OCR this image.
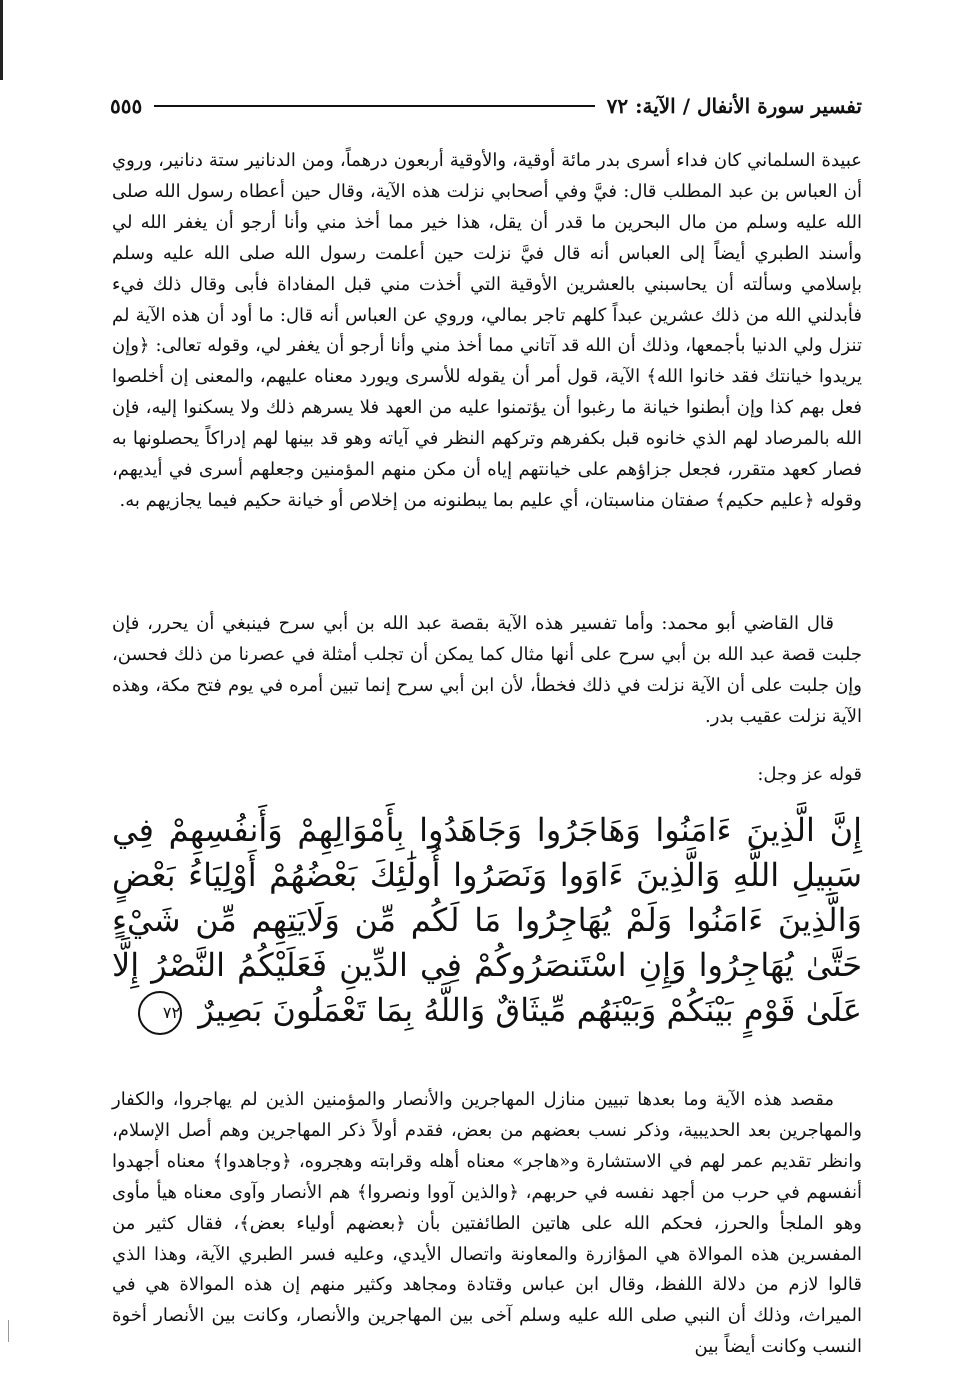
٥٥٥	تفسير سورة الأنفال / الآية: ٧٢

عبيدة السلماني كان فداء أسرى بدر مائة أوقية، والأوقية أربعون درهماً، ومن الدنانير ستة دنانير، وروي أن العباس بن عبد المطلب قال: فيَّ وفي أصحابي نزلت هذه الآية، وقال حين أعطاه رسول الله صلى الله عليه وسلم من مال البحرين ما قدر أن يقل، هذا خير مما أخذ مني وأنا أرجو أن يغفر الله لي وأسند الطبري أيضاً إلى العباس أنه قال فيَّ نزلت حين أعلمت رسول الله صلى الله عليه وسلم بإسلامي وسألته أن يحاسبني بالعشرين الأوقية التي أخذت مني قبل المفاداة فأبى وقال ذلك فيء فأبدلني الله من ذلك عشرين عبداً كلهم تاجر بمالي، وروي عن العباس أنه قال: ما أود أن هذه الآية لم تنزل ولي الدنيا بأجمعها، وذلك أن الله قد آتاني مما أخذ مني وأنا أرجو أن يغفر لي، وقوله تعالى: ﴿وإن يريدوا خيانتك فقد خانوا الله﴾ الآية، قول أمر أن يقوله للأسرى ويورد معناه عليهم، والمعنى إن أخلصوا فعل بهم كذا وإن أبطنوا خيانة ما رغبوا أن يؤتمنوا عليه من العهد فلا يسرهم ذلك ولا يسكنوا إليه، فإن الله بالمرصاد لهم الذي خانوه قبل بكفرهم وتركهم النظر في آياته وهو قد بينها لهم إدراكاً يحصلونها به فصار كعهد متقرر، فجعل جزاؤهم على خيانتهم إياه أن مكن منهم المؤمنين وجعلهم أسرى في أيديهم، وقوله ﴿عليم حكيم﴾ صفتان مناسبتان، أي عليم بما يبطنونه من إخلاص أو خيانة حكيم فيما يجازيهم به.

قال القاضي أبو محمد: وأما تفسير هذه الآية بقصة عبد الله بن أبي سرح فينبغي أن يحرر، فإن جلبت قصة عبد الله بن أبي سرح على أنها مثال كما يمكن أن تجلب أمثلة في عصرنا من ذلك فحسن، وإن جلبت على أن الآية نزلت في ذلك فخطأ، لأن ابن أبي سرح إنما تبين أمره في يوم فتح مكة، وهذه الآية نزلت عقيب بدر.

قوله عز وجل:
إِنَّ الَّذِينَ ءَامَنُوا وَهَاجَرُوا وَجَاهَدُوا بِأَمْوَالِهِمْ وَأَنفُسِهِمْ فِي سَبِيلِ اللَّهِ وَالَّذِينَ ءَاوَوا وَنَصَرُوا أُولَٰئِكَ بَعْضُهُمْ أَوْلِيَاءُ بَعْضٍ وَالَّذِينَ ءَامَنُوا وَلَمْ يُهَاجِرُوا مَا لَكُم مِّن وَلَايَتِهِم مِّن شَيْءٍ حَتَّىٰ يُهَاجِرُوا وَإِنِ اسْتَنصَرُوكُمْ فِي الدِّينِ فَعَلَيْكُمُ النَّصْرُ إِلَّا عَلَىٰ قَوْمٍ بَيْنَكُمْ وَبَيْنَهُم مِّيثَاقٌ وَاللَّهُ بِمَا تَعْمَلُونَ بَصِيرٌ ٧٢

مقصد هذه الآية وما بعدها تبيين منازل المهاجرين والأنصار والمؤمنين الذين لم يهاجروا، والكفار والمهاجرين بعد الحديبية، وذكر نسب بعضهم من بعض، فقدم أولاً ذكر المهاجرين وهم أصل الإسلام، وانظر تقديم عمر لهم في الاستشارة و«هاجر» معناه أهله وقرابته وهجروه، ﴿وجاهدوا﴾ معناه أجهدوا أنفسهم في حرب من أجهد نفسه في حربهم، ﴿والذين آووا ونصروا﴾ هم الأنصار وآوى معناه هيأ مأوى وهو الملجأ والحرز، فحكم الله على هاتين الطائفتين بأن ﴿بعضهم أولياء بعض﴾، فقال كثير من المفسرين هذه الموالاة هي المؤازرة والمعاونة واتصال الأيدي، وعليه فسر الطبري الآية، وهذا الذي قالوا لازم من دلالة اللفظ، وقال ابن عباس وقتادة ومجاهد وكثير منهم إن هذه الموالاة هي في الميراث، وذلك أن النبي صلى الله عليه وسلم آخى بين المهاجرين والأنصار، وكانت بين الأنصار أخوة النسب وكانت أيضاً بين
